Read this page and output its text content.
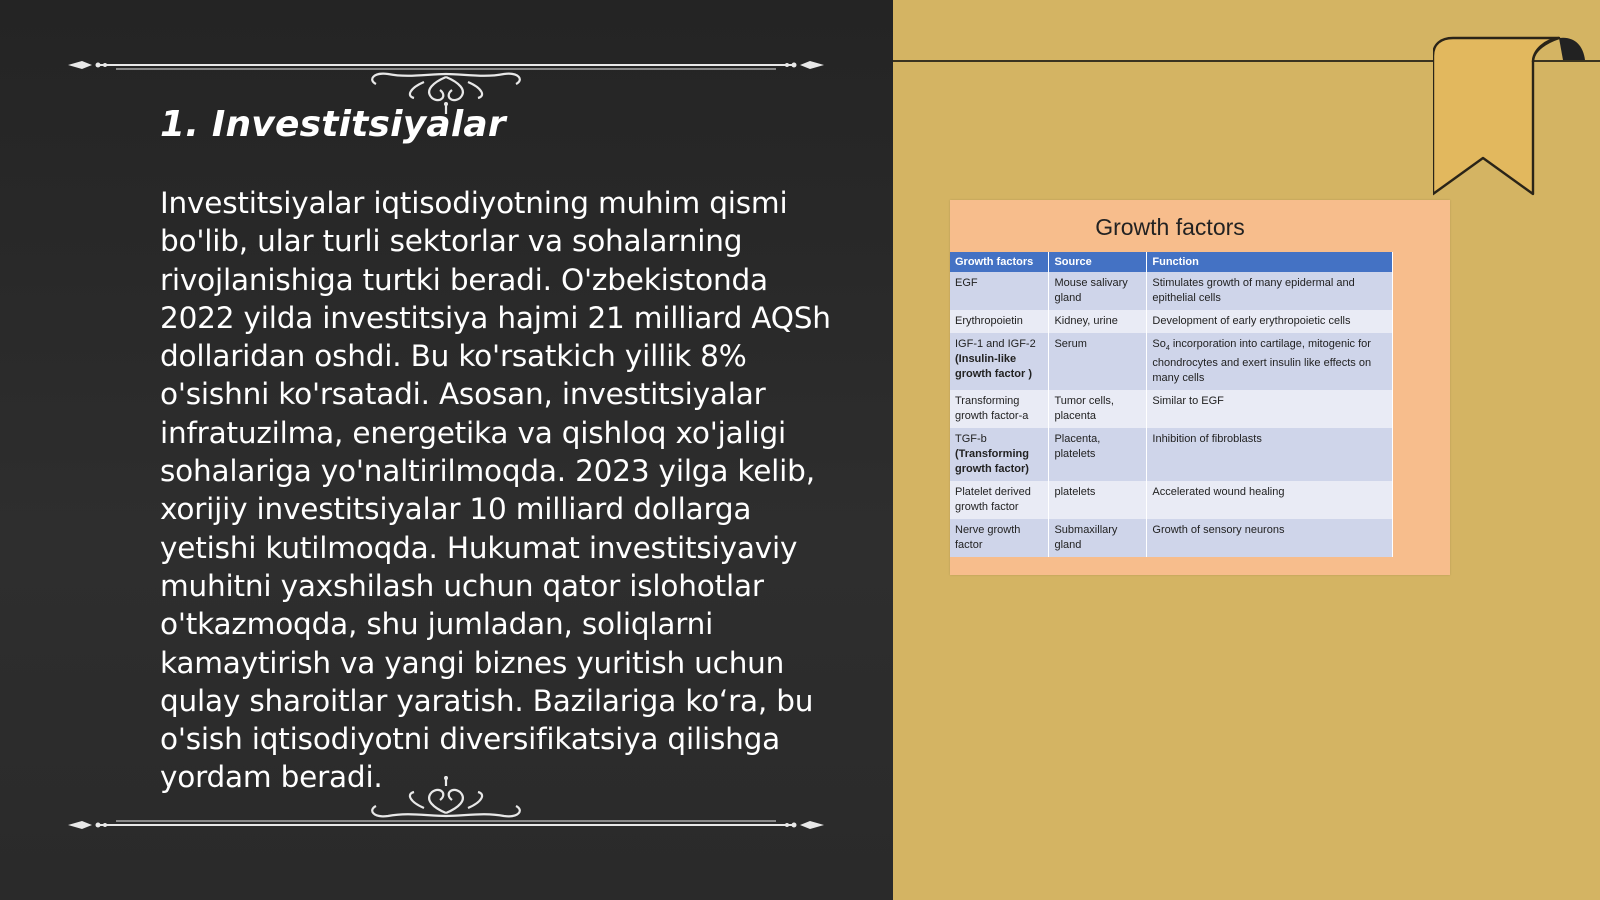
1. Investitsiyalar

Investitsiyalar iqtisodiyotning muhim qismi bo'lib, ular turli sektorlar va sohalarning rivojlanishiga turtki beradi. O'zbekistonda 2022 yilda investitsiya hajmi 21 milliard AQSh dollaridan oshdi. Bu ko'rsatkich yillik 8% o'sishni ko'rsatadi. Asosan, investitsiyalar infratuzilma, energetika va qishloq xo'jaligi sohalariga yo'naltirilmoqda. 2023 yilga kelib, xorijiy investitsiyalar 10 milliard dollarga yetishi kutilmoqda. Hukumat investitsiyaviy muhitni yaxshilash uchun qator islohotlar o'tkazmoqda, shu jumladan, soliqlarni kamaytirish va yangi biznes yuritish uchun qulay sharoitlar yaratish. Bazilariga ko‘ra, bu o'sish iqtisodiyotni diversifikatsiya qilishga yordam beradi.

Growth factors
Growth factors	Source	Function
EGF	Mouse salivary gland	Stimulates growth of many epidermal and epithelial cells
Erythropoietin	Kidney, urine	Development of early erythropoietic cells
IGF-1 and IGF-2
(Insulin-like growth factor )	Serum	$So_4$ incorporation into cartilage, mitogenic for chondrocytes and exert insulin like effects on many cells
Transforming growth factor-a	Tumor cells, placenta	Similar to EGF
TGF-b
(Transforming growth factor)	Placenta, platelets	Inhibition of fibroblasts
Platelet derived growth factor	platelets	Accelerated wound healing
Nerve growth factor	Submaxillary gland	Growth of sensory neurons
